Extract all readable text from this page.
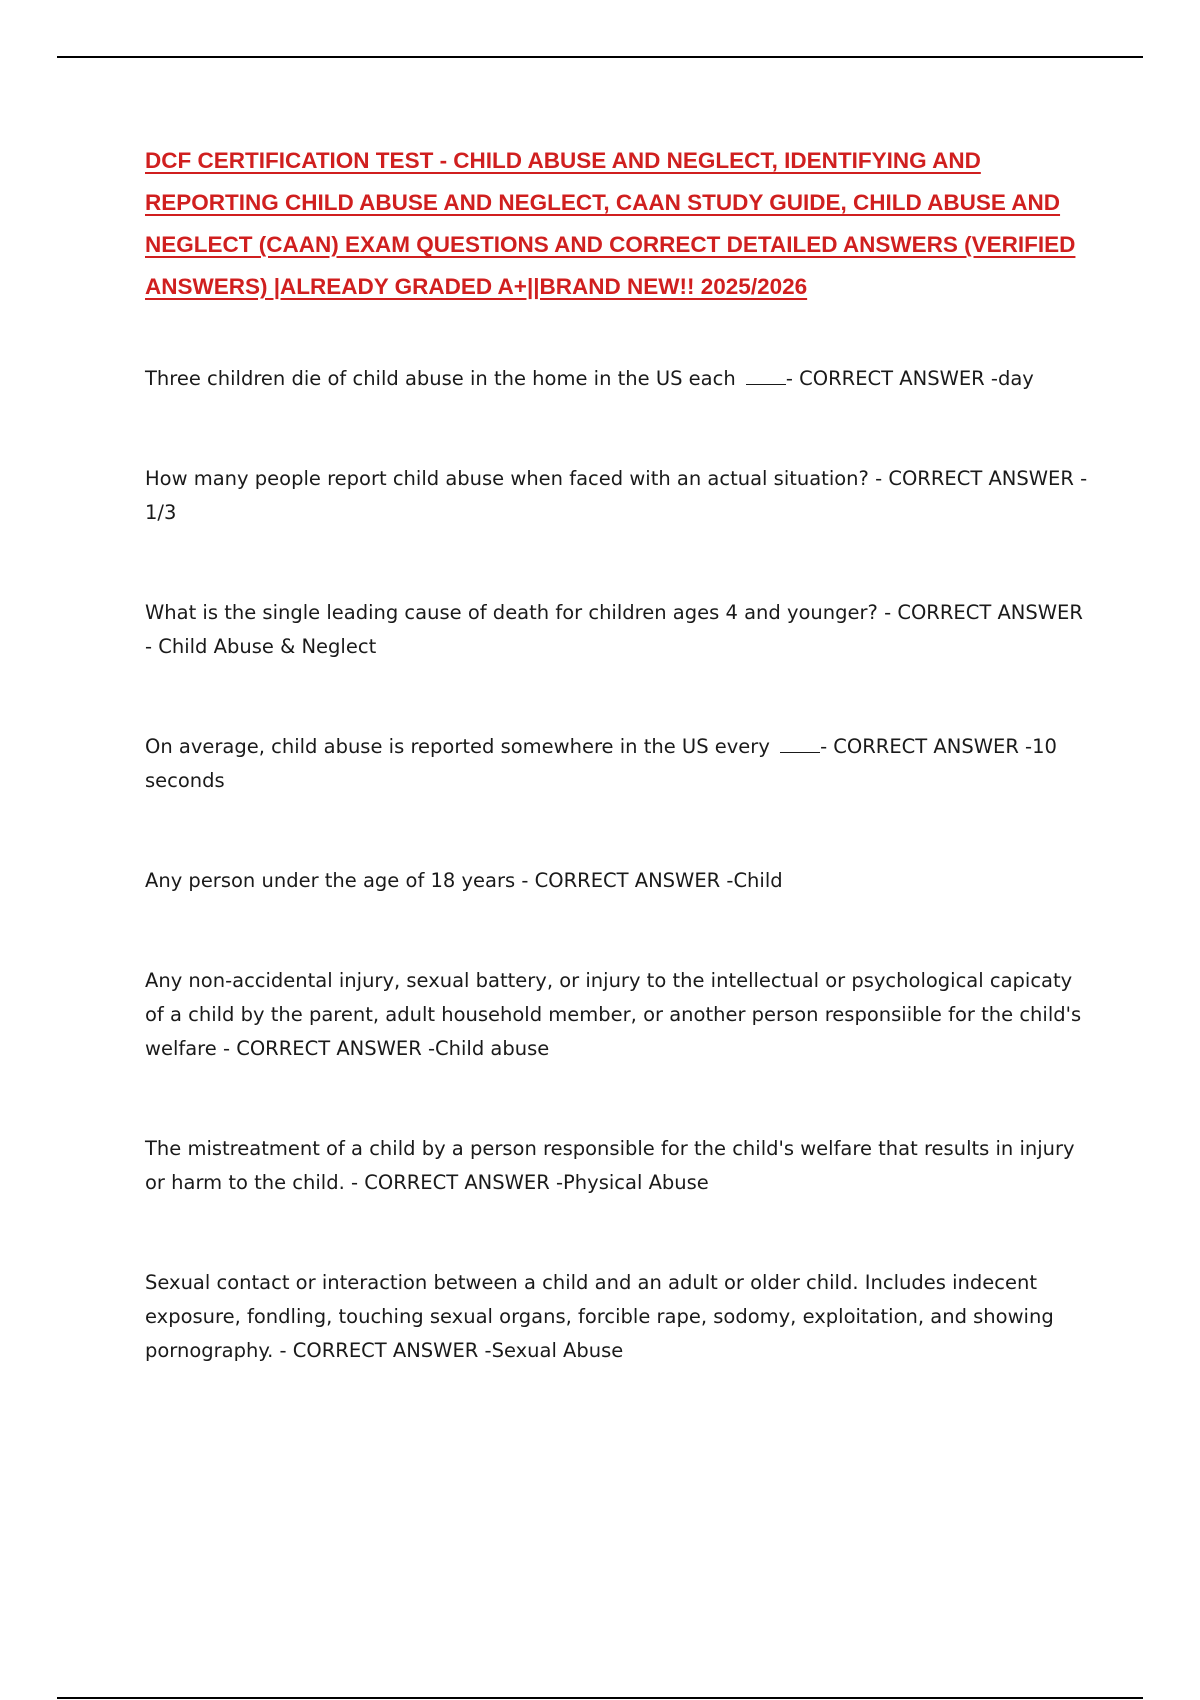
DCF CERTIFICATION TEST - CHILD ABUSE AND NEGLECT, IDENTIFYING AND REPORTING CHILD ABUSE AND NEGLECT, CAAN STUDY GUIDE, CHILD ABUSE AND NEGLECT (CAAN) EXAM QUESTIONS AND CORRECT DETAILED ANSWERS (VERIFIED ANSWERS) |ALREADY GRADED A+||BRAND NEW!! 2025/2026
Three children die of child abuse in the home in the US each	- CORRECT ANSWER -day
How many people report child abuse when faced with an actual situation? - CORRECT ANSWER - 1/3
What is the single leading cause of death for children ages 4 and younger? - CORRECT ANSWER - Child Abuse & Neglect
On average, child abuse is reported somewhere in the US every	- CORRECT ANSWER -10 seconds
Any person under the age of 18 years - CORRECT ANSWER -Child
Any non-accidental injury, sexual battery, or injury to the intellectual or psychological capicaty of a child by the parent, adult household member, or another person responsiible for the child's welfare - CORRECT ANSWER -Child abuse
The mistreatment of a child by a person responsible for the child's welfare that results in injury or harm to the child. - CORRECT ANSWER -Physical Abuse
Sexual contact or interaction between a child and an adult or older child. Includes indecent exposure, fondling, touching sexual organs, forcible rape, sodomy, exploitation, and showing pornography. - CORRECT ANSWER -Sexual Abuse
